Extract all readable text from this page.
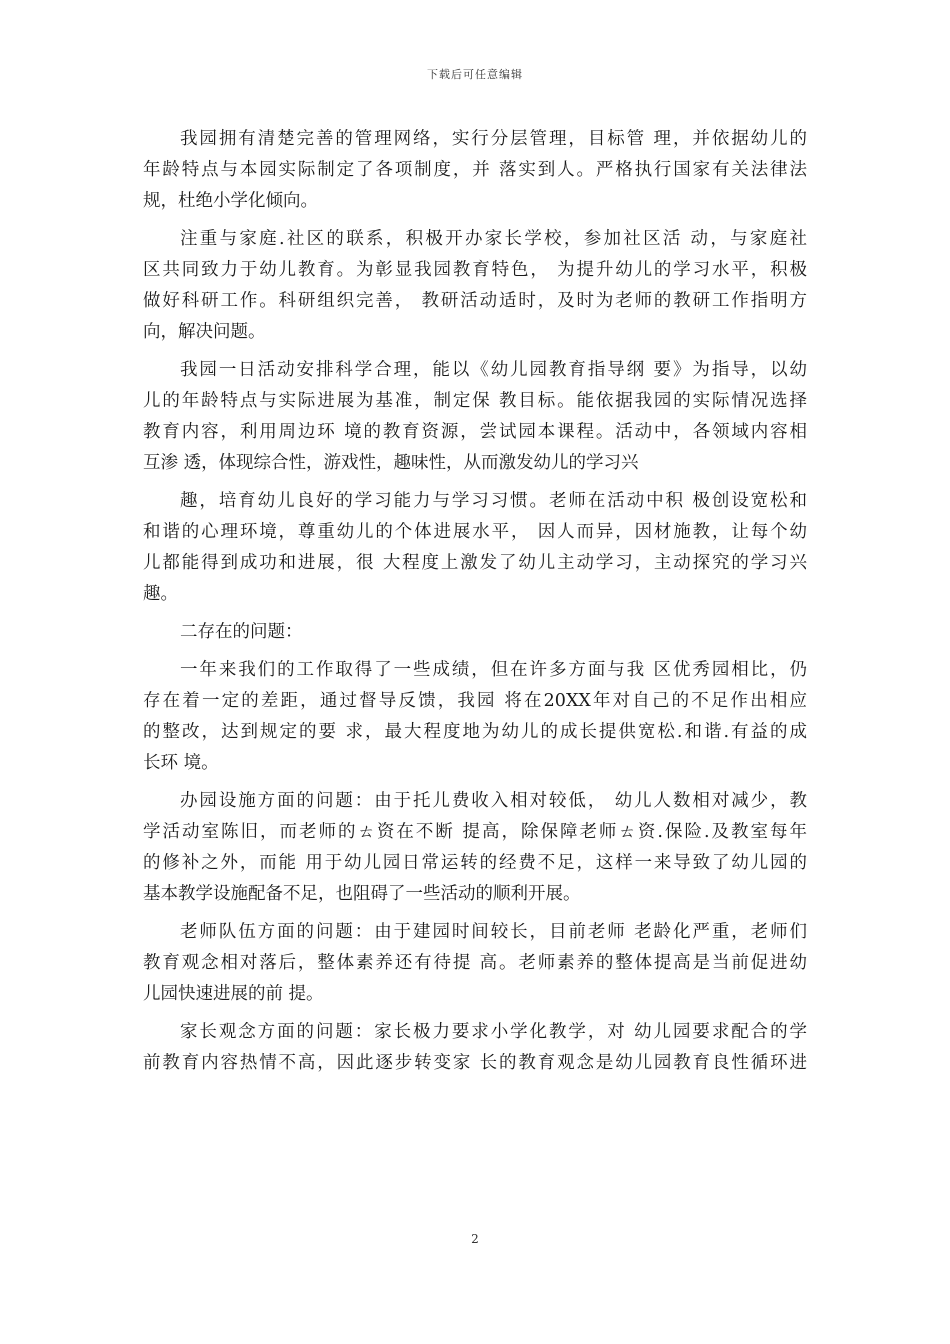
下载后可任意编辑
我园拥有清楚完善的管理网络，实行分层管理，目标管 理，并依据幼儿的
年龄特点与本园实际制定了各项制度，并 落实到人。严格执行国家有关法律法
规，杜绝小学化倾向。
注重与家庭.社区的联系，积极开办家长学校，参加社区活 动，与家庭社
区共同致力于幼儿教育。为彰显我园教育特色， 为提升幼儿的学习水平，积极
做好科研工作。科研组织完善， 教研活动适时，及时为老师的教研工作指明方
向，解决问题。
我园一日活动安排科学合理，能以《幼儿园教育指导纲 要》为指导，以幼
儿的年龄特点与实际进展为基准，制定保 教目标。能依据我园的实际情况选择
教育内容，利用周边环 境的教育资源，尝试园本课程。活动中，各领域内容相
互渗 透，体现综合性，游戏性，趣味性，从而激发幼儿的学习兴
趣，培育幼儿良好的学习能力与学习习惯。老师在活动中积 极创设宽松和
和谐的心理环境，尊重幼儿的个体进展水平， 因人而异，因材施教，让每个幼
儿都能得到成功和进展，很 大程度上激发了幼儿主动学习，主动探究的学习兴
趣。
二存在的问题：
一年来我们的工作取得了一些成绩，但在许多方面与我 区优秀园相比，仍
存在着一定的差距，通过督导反馈，我园 将在20XX年对自己的不足作出相应
的整改，达到规定的要 求，最大程度地为幼儿的成长提供宽松.和谐.有益的成
长环 境。
办园设施方面的问题：由于托儿费收入相对较低， 幼儿人数相对减少，教
学活动室陈旧，而老师的ㄊ资在不断 提高，除保障老师ㄊ资.保险.及教室每年
的修补之外，而能 用于幼儿园日常运转的经费不足，这样一来导致了幼儿园的
基本教学设施配备不足，也阻碍了一些活动的顺利开展。
老师队伍方面的问题：由于建园时间较长，目前老师 老龄化严重，老师们
教育观念相对落后，整体素养还有待提 高。老师素养的整体提高是当前促进幼
儿园快速进展的前 提。
家长观念方面的问题：家长极力要求小学化教学，对 幼儿园要求配合的学
前教育内容热情不高，因此逐步转变家 长的教育观念是幼儿园教育良性循环进
2
